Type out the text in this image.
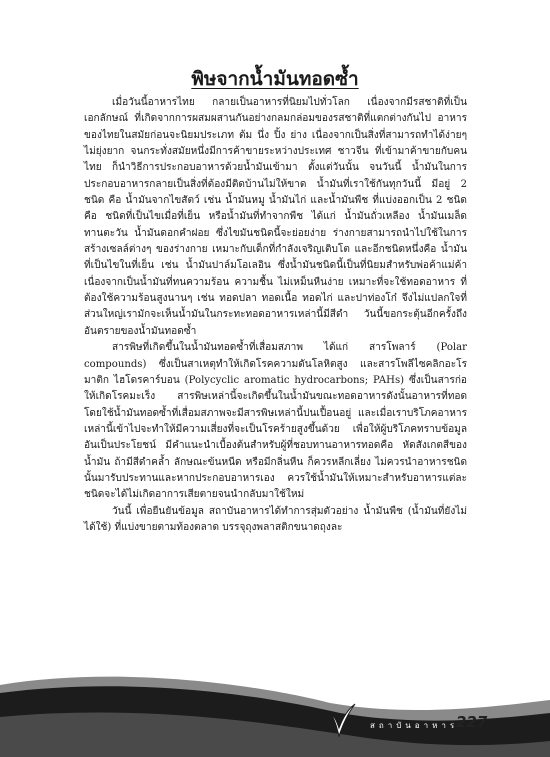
พิษจากน้ำมันทอดซ้ำ

เมื่อวันนี้อาหารไทย กลายเป็นอาหารที่นิยมไปทั่วโลก เนื่องจากมีรสชาติที่เป็นเอกลักษณ์ ที่เกิดจากการผสมผสานกันอย่างกลมกล่อมของรสชาติที่แตกต่างกันไป อาหารของไทยในสมัยก่อนจะนิยมประเภท ต้ม นึ่ง ปิ้ง ย่าง เนื่องจากเป็นสิ่งที่สามารถทำได้ง่ายๆ ไม่ยุ่งยาก จนกระทั่งสมัยหนึ่งมีการค้าขายระหว่างประเทศ ชาวจีน ที่เข้ามาค้าขายกับคนไทย ก็นำวิธีการประกอบอาหารด้วยน้ำมันเข้ามา ตั้งแต่วันนั้น จนวันนี้ น้ำมันในการประกอบอาหารกลายเป็นสิ่งที่ต้องมีติดบ้านไม่ให้ขาด น้ำมันที่เราใช้กันทุกวันนี้ มีอยู่ 2 ชนิด คือ น้ำมันจากไขสัตว์ เช่น น้ำมันหมู น้ำมันไก่ และน้ำมันพืช ที่แบ่งออกเป็น 2 ชนิด คือ ชนิดที่เป็นไขเมื่อที่เย็น หรือน้ำมันที่ทำจากพืช ได้แก่ น้ำมันถั่วเหลือง น้ำมันเมล็ดทานตะวัน น้ำมันดอกคำฝอย ซึ่งไขมันชนิดนี้จะย่อยง่าย ร่างกายสามารถนำไปใช้ในการสร้างเซลล์ต่างๆ ของร่างกาย เหมาะกับเด็กที่กำลังเจริญเติบโต และอีกชนิดหนึ่งคือ น้ำมันที่เป็นไขในที่เย็น เช่น น้ำมันปาล์มโอเลอิน ซึ่งน้ำมันชนิดนี้เป็นที่นิยมสำหรับพ่อค้าแม่ค้า เนื่องจากเป็นน้ำมันที่ทนความร้อน ความชื้น ไม่เหม็นหืนง่าย เหมาะที่จะใช้ทอดอาหาร ที่ต้องใช้ความร้อนสูงนานๆ เช่น ทอดปลา ทอดเนื้อ ทอดไก่ และปาท่องโก๋ จึงไม่แปลกใจที่ส่วนใหญ่เรามักจะเห็นน้ำมันในกระทะทอดอาหารเหล่านี้มีสีดำ วันนี้ขอกระตุ้นอีกครั้งถึงอันตรายของน้ำมันทอดซ้ำ

สารพิษที่เกิดขึ้นในน้ำมันทอดซ้ำที่เสื่อมสภาพ ได้แก่ สารโพลาร์ (Polar compounds) ซึ่งเป็นสาเหตุทำให้เกิดโรคความดันโลหิตสูง และสารโพลีไซคลิกอะโรมาติก ไฮโดรคาร์บอน (Polycyclic aromatic hydrocarbons; PAHs) ซึ่งเป็นสารก่อให้เกิดโรคมะเร็ง สารพิษเหล่านี้จะเกิดขึ้นในน้ำมันขณะทอดอาหารดังนั้นอาหารที่ทอด โดยใช้น้ำมันทอดซ้ำที่เสื่อมสภาพจะมีสารพิษเหล่านี้ปนเปื้อนอยู่ และเมื่อเราบริโภคอาหารเหล่านี้เข้าไปจะทำให้มีความเสี่ยงที่จะเป็นโรคร้ายสูงขึ้นด้วย เพื่อให้ผู้บริโภคทราบข้อมูลอันเป็นประโยชน์ มีคำแนะนำเบื้องต้นสำหรับผู้ที่ชอบทานอาหารทอดคือ หัดสังเกตสีของน้ำมัน ถ้ามีสีดำคล้ำ ลักษณะข้นหนืด หรือมีกลิ่นหืน ก็ควรหลีกเลี่ยง ไม่ควรนำอาหารชนิดนั้นมารับประทานและหากประกอบอาหารเอง ควรใช้น้ำมันให้เหมาะสำหรับอาหารแต่ละชนิดจะได้ไม่เกิดอาการเสียตายจนนำกลับมาใช้ใหม่

วันนี้ เพื่อยืนยันข้อมูล สถาบันอาหารได้ทำการสุ่มตัวอย่าง น้ำมันพืช (น้ำมันที่ยังไม่ได้ใช้) ที่แบ่งขายตามท้องตลาด บรรจุถุงพลาสติกขนาดถุงละ

สถาบันอาหาร
227
